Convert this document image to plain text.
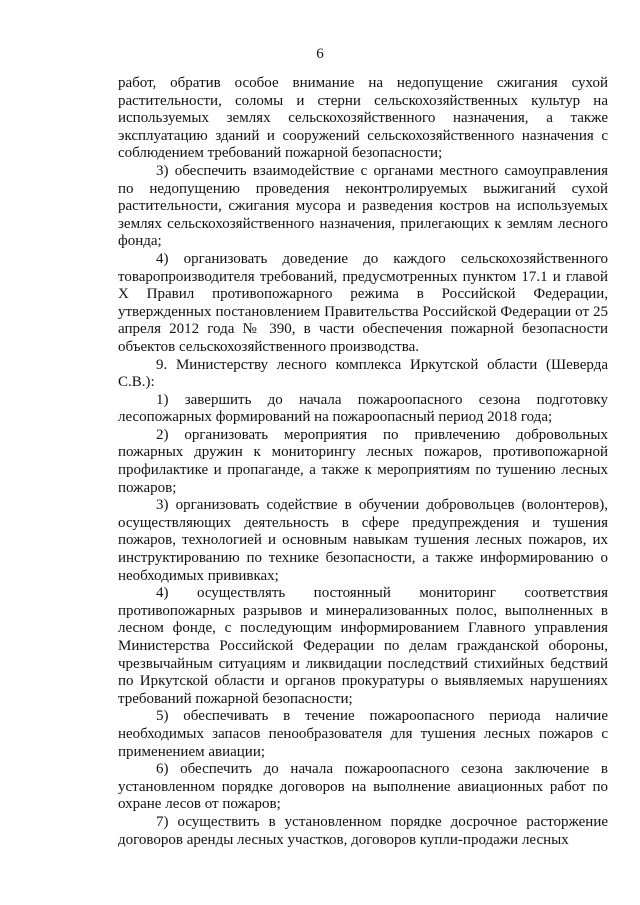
6

работ, обратив особое внимание на недопущение сжигания сухой растительности, соломы и стерни сельскохозяйственных культур на используемых землях сельскохозяйственного назначения, а также эксплуатацию зданий и сооружений сельскохозяйственного назначения с соблюдением требований пожарной безопасности;

3) обеспечить взаимодействие с органами местного самоуправления по недопущению проведения неконтролируемых выжиганий сухой растительности, сжигания мусора и разведения костров на используемых землях сельскохозяйственного назначения, прилегающих к землям лесного фонда;

4) организовать доведение до каждого сельскохозяйственного товаропроизводителя требований, предусмотренных пунктом 17.1 и главой X Правил противопожарного режима в Российской Федерации, утвержденных постановлением Правительства Российской Федерации от 25 апреля 2012 года № 390, в части обеспечения пожарной безопасности объектов сельскохозяйственного производства.

9. Министерству лесного комплекса Иркутской области (Шеверда С.В.):

1) завершить до начала пожароопасного сезона подготовку лесопожарных формирований на пожароопасный период 2018 года;

2) организовать мероприятия по привлечению добровольных пожарных дружин к мониторингу лесных пожаров, противопожарной профилактике и пропаганде, а также к мероприятиям по тушению лесных пожаров;

3) организовать содействие в обучении добровольцев (волонтеров), осуществляющих деятельность в сфере предупреждения и тушения пожаров, технологией и основным навыкам тушения лесных пожаров, их инструктированию по технике безопасности, а также информированию о необходимых прививках;

4) осуществлять постоянный мониторинг соответствия противопожарных разрывов и минерализованных полос, выполненных в лесном фонде, с последующим информированием Главного управления Министерства Российской Федерации по делам гражданской обороны, чрезвычайным ситуациям и ликвидации последствий стихийных бедствий по Иркутской области и органов прокуратуры о выявляемых нарушениях требований пожарной безопасности;

5) обеспечивать в течение пожароопасного периода наличие необходимых запасов пенообразователя для тушения лесных пожаров с применением авиации;

6) обеспечить до начала пожароопасного сезона заключение в установленном порядке договоров на выполнение авиационных работ по охране лесов от пожаров;

7) осуществить в установленном порядке досрочное расторжение договоров аренды лесных участков, договоров купли-продажи лесных
